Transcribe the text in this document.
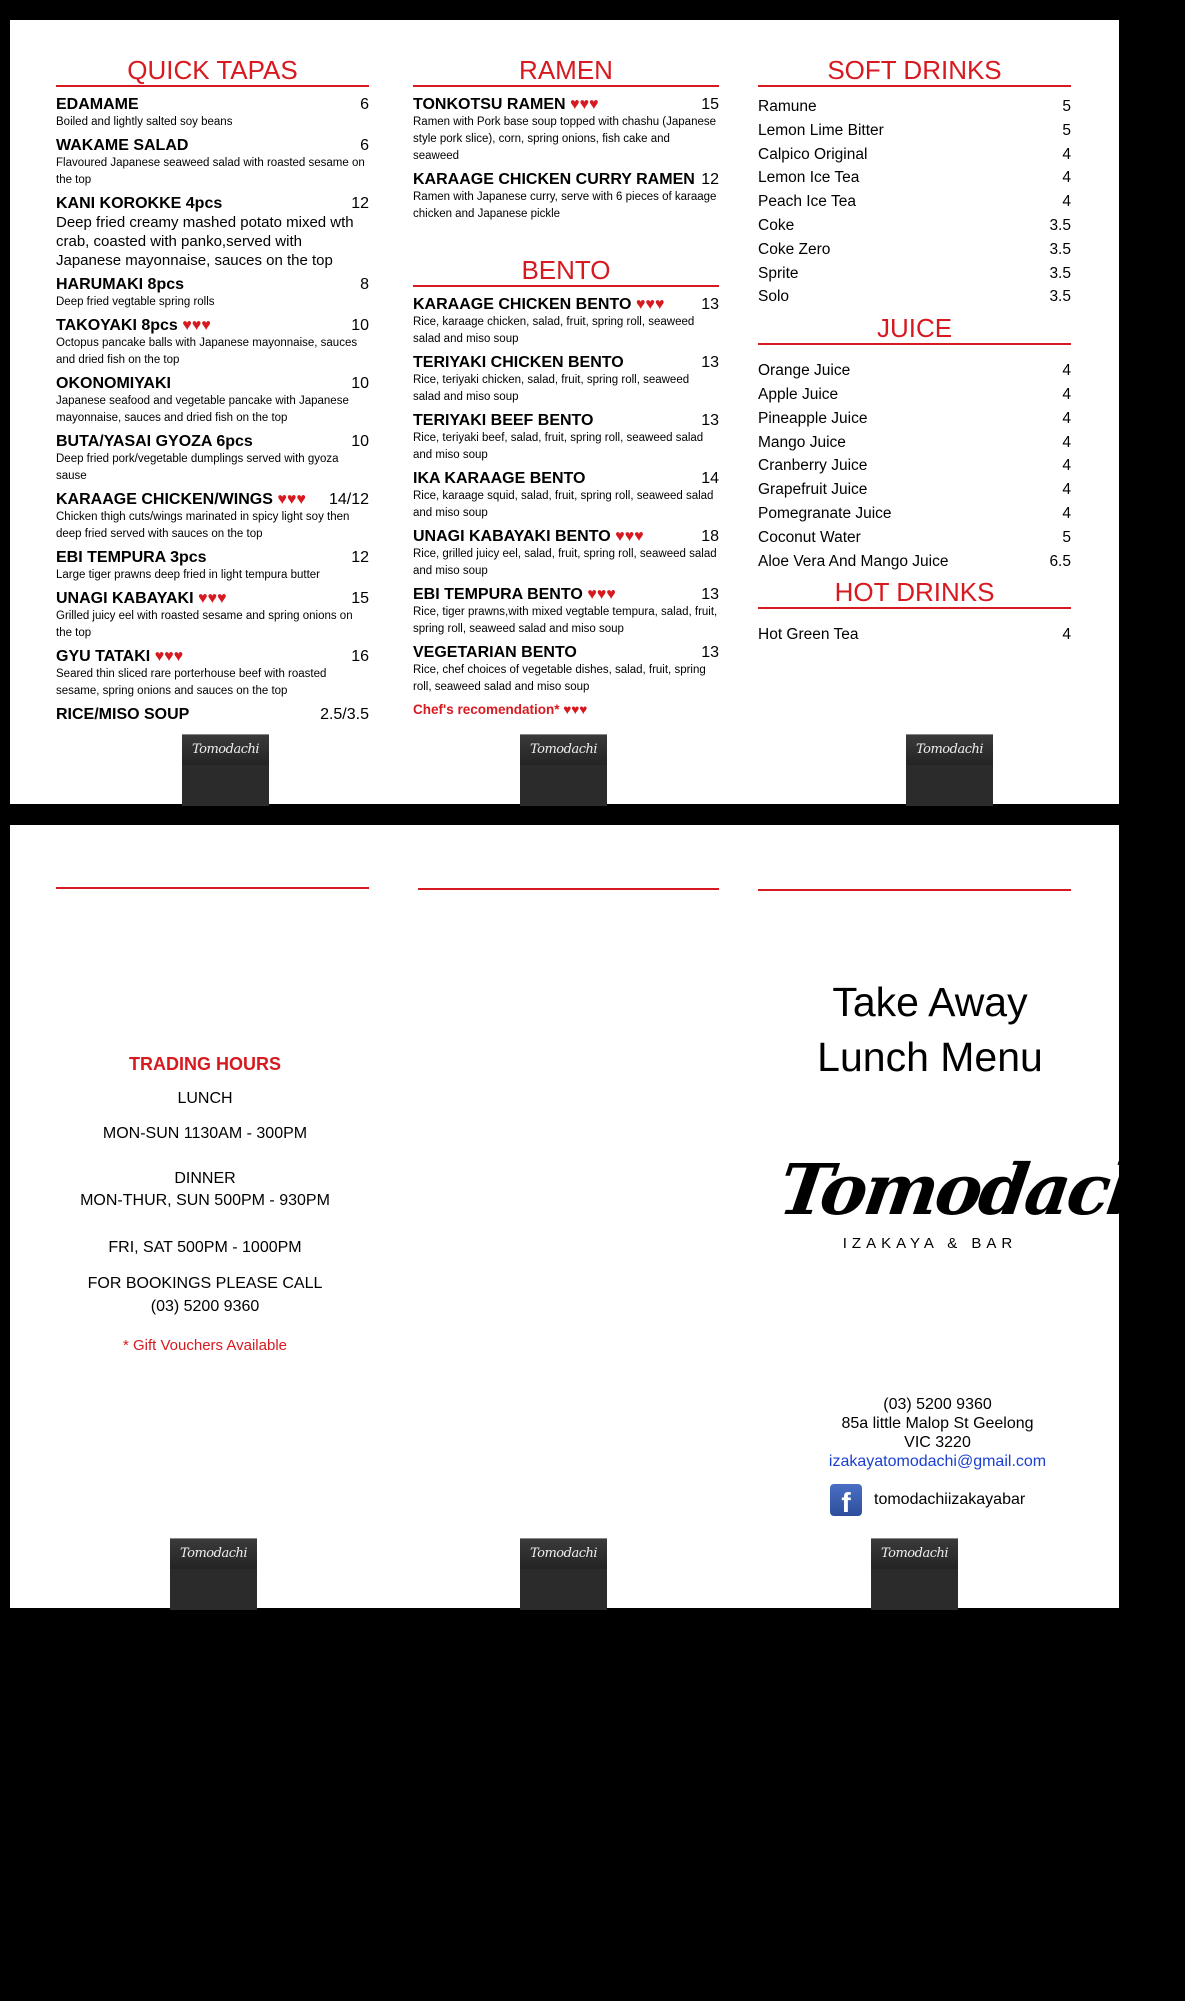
QUICK TAPAS
EDAMAME	6
Boiled and lightly salted soy beans
WAKAME SALAD	6
Flavoured Japanese seaweed salad with roasted sesame on the top
KANI KOROKKE 4pcs	12
Deep fried creamy mashed potato mixed wth crab, coasted with panko,served with Japanese mayonnaise, sauces on the top
HARUMAKI 8pcs	8
Deep fried vegtable spring rolls
TAKOYAKI 8pcs ♥♥♥	10
Octopus pancake balls with Japanese mayonnaise, sauces and dried fish on the top
OKONOMIYAKI	10
Japanese seafood and vegetable pancake with Japanese mayonnaise, sauces and dried fish on the top
BUTA/YASAI GYOZA 6pcs	10
Deep fried pork/vegetable dumplings served with gyoza sause
KARAAGE CHICKEN/WINGS ♥♥♥ 14/12
Chicken thigh cuts/wings marinated in spicy light soy then deep fried served with sauces on the top
EBI TEMPURA 3pcs	12
Large tiger prawns deep fried in light tempura butter
UNAGI KABAYAKI ♥♥♥	15
Grilled juicy eel with roasted sesame and spring onions on the top
GYU TATAKI ♥♥♥	16
Seared thin sliced rare porterhouse beef with roasted sesame, spring onions and sauces on the top
RICE/MISO SOUP	2.5/3.5
RAMEN
TONKOTSU RAMEN ♥♥♥	15
Ramen with Pork base soup topped with chashu (Japanese style pork slice), corn, spring onions, fish cake and seaweed
KARAAGE CHICKEN CURRY RAMEN 12
Ramen with Japanese curry, serve with 6 pieces of karaage chicken and Japanese pickle
BENTO
KARAAGE CHICKEN BENTO ♥♥♥ 13
Rice, karaage chicken, salad, fruit, spring roll, seaweed salad and miso soup
TERIYAKI CHICKEN BENTO	13
Rice, teriyaki chicken, salad, fruit, spring roll, seaweed salad and miso soup
TERIYAKI BEEF BENTO	13
Rice, teriyaki beef, salad, fruit, spring roll, seaweed salad and miso soup
IKA KARAAGE BENTO	14
Rice, karaage squid, salad, fruit, spring roll, seaweed salad and miso soup
UNAGI KABAYAKI BENTO ♥♥♥	18
Rice, grilled juicy eel, salad, fruit, spring roll, seaweed salad and miso soup
EBI TEMPURA BENTO ♥♥♥	13
Rice, tiger prawns,with mixed vegtable tempura, salad, fruit, spring roll, seaweed salad and miso soup
VEGETARIAN BENTO	13
Rice, chef choices of vegetable dishes, salad, fruit, spring roll, seaweed salad and miso soup
Chef's recomendation* ♥♥♥
SOFT DRINKS
Ramune	5
Lemon Lime Bitter	5
Calpico Original	4
Lemon Ice Tea	4
Peach Ice Tea	4
Coke	3.5
Coke Zero	3.5
Sprite	3.5
Solo	3.5
JUICE
Orange Juice	4
Apple Juice	4
Pineapple Juice	4
Mango Juice	4
Cranberry Juice	4
Grapefruit Juice	4
Pomegranate Juice	4
Coconut Water	5
Aloe Vera And Mango Juice	6.5
HOT DRINKS
Hot Green Tea	4
Tomodachi	Tomodachi	Tomodachi
TRADING HOURS
LUNCH
MON-SUN 1130AM - 300PM
DINNER
MON-THUR, SUN 500PM - 930PM
FRI, SAT 500PM - 1000PM
FOR BOOKINGS PLEASE CALL
(03) 5200 9360
* Gift Vouchers Available
Take Away
Lunch Menu
Tomodachi
IZAKAYA & BAR
(03) 5200 9360
85a little Malop St Geelong
VIC 3220
izakayatomodachi@gmail.com
f	tomodachiizakayabar
Tomodachi	Tomodachi	Tomodachi
